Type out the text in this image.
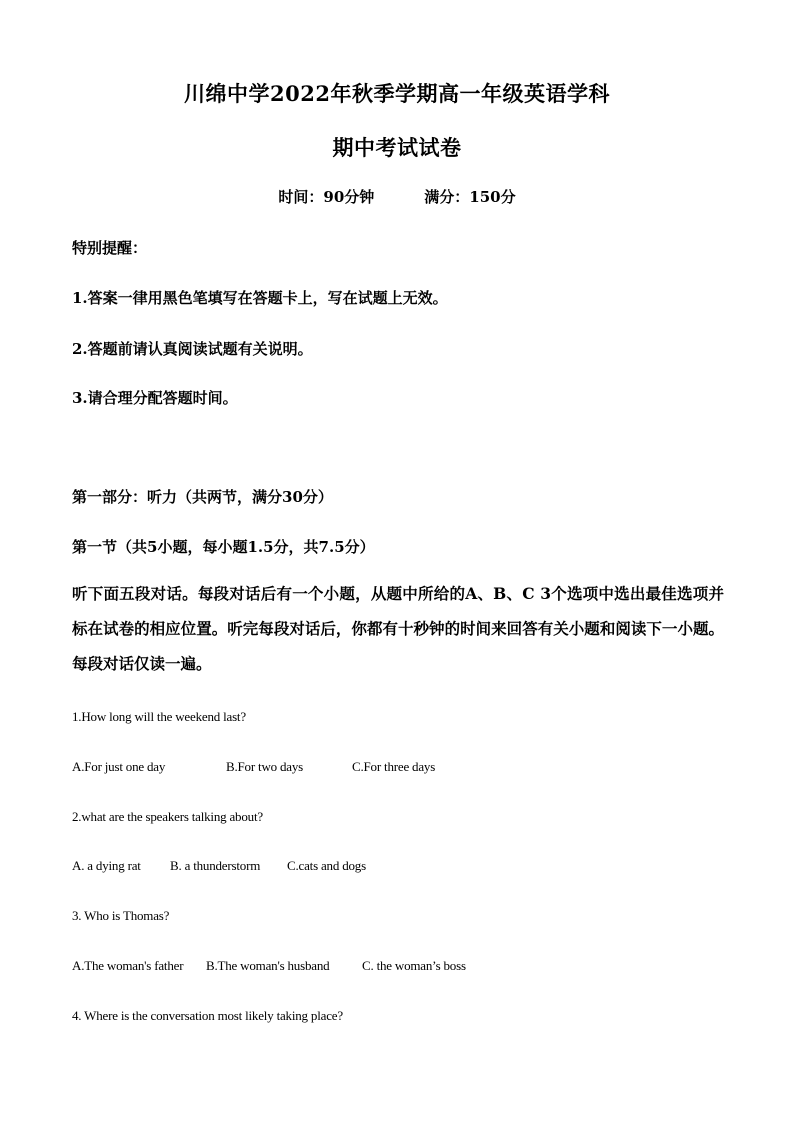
川绵中学2022年秋季学期高一年级英语学科
期中考试试卷
时间：90分钟	满分：150分
特别提醒：
1.答案一律用黑色笔填写在答题卡上，写在试题上无效。
2.答题前请认真阅读试题有关说明。
3.请合理分配答题时间。
第一部分：听力（共两节，满分30分）
第一节（共5小题，每小题1.5分，共7.5分）
听下面五段对话。每段对话后有一个小题，从题中所给的A、B、C 3个选项中选出最佳选项并标在试卷的相应位置。听完每段对话后，你都有十秒钟的时间来回答有关小题和阅读下一小题。每段对话仅读一遍。
1.How long will the weekend last?
A.For just one day	B.For two days	C.For three days
2.what are the speakers talking about?
A. a dying rat B. a thunderstorm C.cats and dogs
3. Who is Thomas?
A.The woman's father B.The woman's husband	C. the woman’s boss
4. Where is the conversation most likely taking place?
